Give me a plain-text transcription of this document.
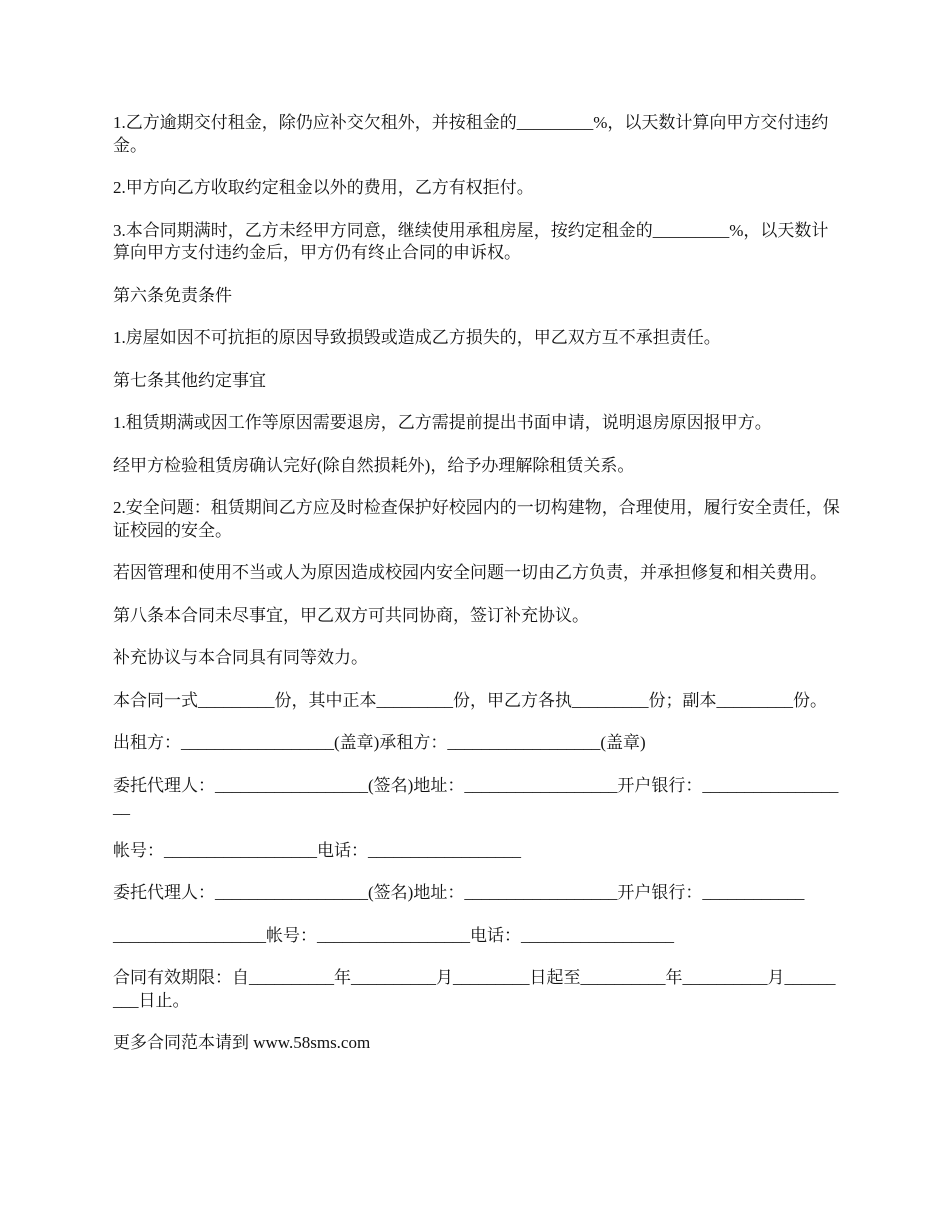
1.乙方逾期交付租金，除仍应补交欠租外，并按租金的_________%，以天数计算向甲方交付违约金。

2.甲方向乙方收取约定租金以外的费用，乙方有权拒付。

3.本合同期满时，乙方未经甲方同意，继续使用承租房屋，按约定租金的_________%，以天数计算向甲方支付违约金后，甲方仍有终止合同的申诉权。

第六条免责条件

1.房屋如因不可抗拒的原因导致损毁或造成乙方损失的，甲乙双方互不承担责任。

第七条其他约定事宜

1.租赁期满或因工作等原因需要退房，乙方需提前提出书面申请，说明退房原因报甲方。

经甲方检验租赁房确认完好(除自然损耗外)，给予办理解除租赁关系。

2.安全问题：租赁期间乙方应及时检查保护好校园内的一切构建物，合理使用，履行安全责任，保证校园的安全。

若因管理和使用不当或人为原因造成校园内安全问题一切由乙方负责，并承担修复和相关费用。

第八条本合同未尽事宜，甲乙双方可共同协商，签订补充协议。

补充协议与本合同具有同等效力。

本合同一式_________份，其中正本_________份，甲乙方各执_________份；副本_________份。

出租方：__________________(盖章)承租方：__________________(盖章)

委托代理人：__________________(签名)地址：__________________开户银行：__________________

帐号：__________________电话：__________________

委托代理人：__________________(签名)地址：__________________开户银行：____________

__________________帐号：__________________电话：__________________

合同有效期限：自__________年__________月_________日起至__________年__________月_________日止。

更多合同范本请到 www.58sms.com
